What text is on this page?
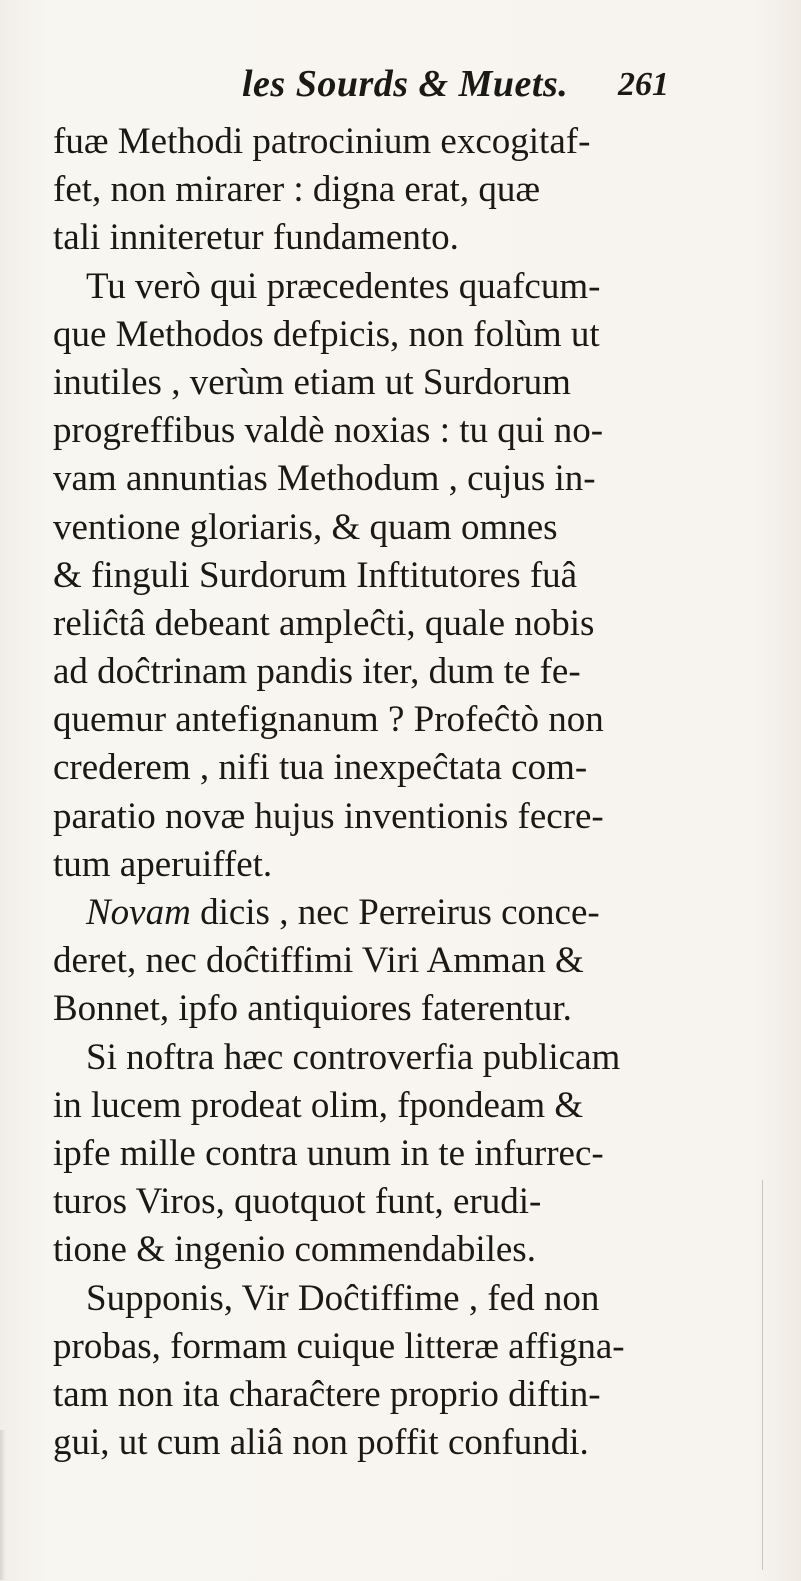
les Sourds & Muets. 261
fuæ Methodi patrocinium excogitaf-
fet, non mirarer : digna erat, quæ
tali inniteretur fundamento.
Tu verò qui præcedentes quafcum-
que Methodos defpicis, non folùm ut
inutiles , verùm etiam ut Surdorum
progreffibus valdè noxias : tu qui no-
vam annuntias Methodum , cujus in-
ventione gloriaris, & quam omnes
& finguli Surdorum Inftitutores fuâ
reliĉtâ debeant ampleĉti, quale nobis
ad doĉtrinam pandis iter, dum te fe-
quemur antefignanum ? Profeĉtò non
crederem , nifi tua inexpeĉtata com-
paratio novæ hujus inventionis fecre-
tum aperuiffet.
Novam dicis , nec Perreirus conce-
deret, nec doĉtiffimi Viri Amman &
Bonnet, ipfo antiquiores faterentur.
Si noftra hæc controverfia publicam
in lucem prodeat olim, fpondeam &
ipfe mille contra unum in te infurrec-
turos Viros, quotquot funt, erudi-
tione & ingenio commendabiles.
Supponis, Vir Doĉtiffime , fed non
probas, formam cuique litteræ affigna-
tam non ita charaĉtere proprio diftin-
gui, ut cum aliâ non poffit confundi.
